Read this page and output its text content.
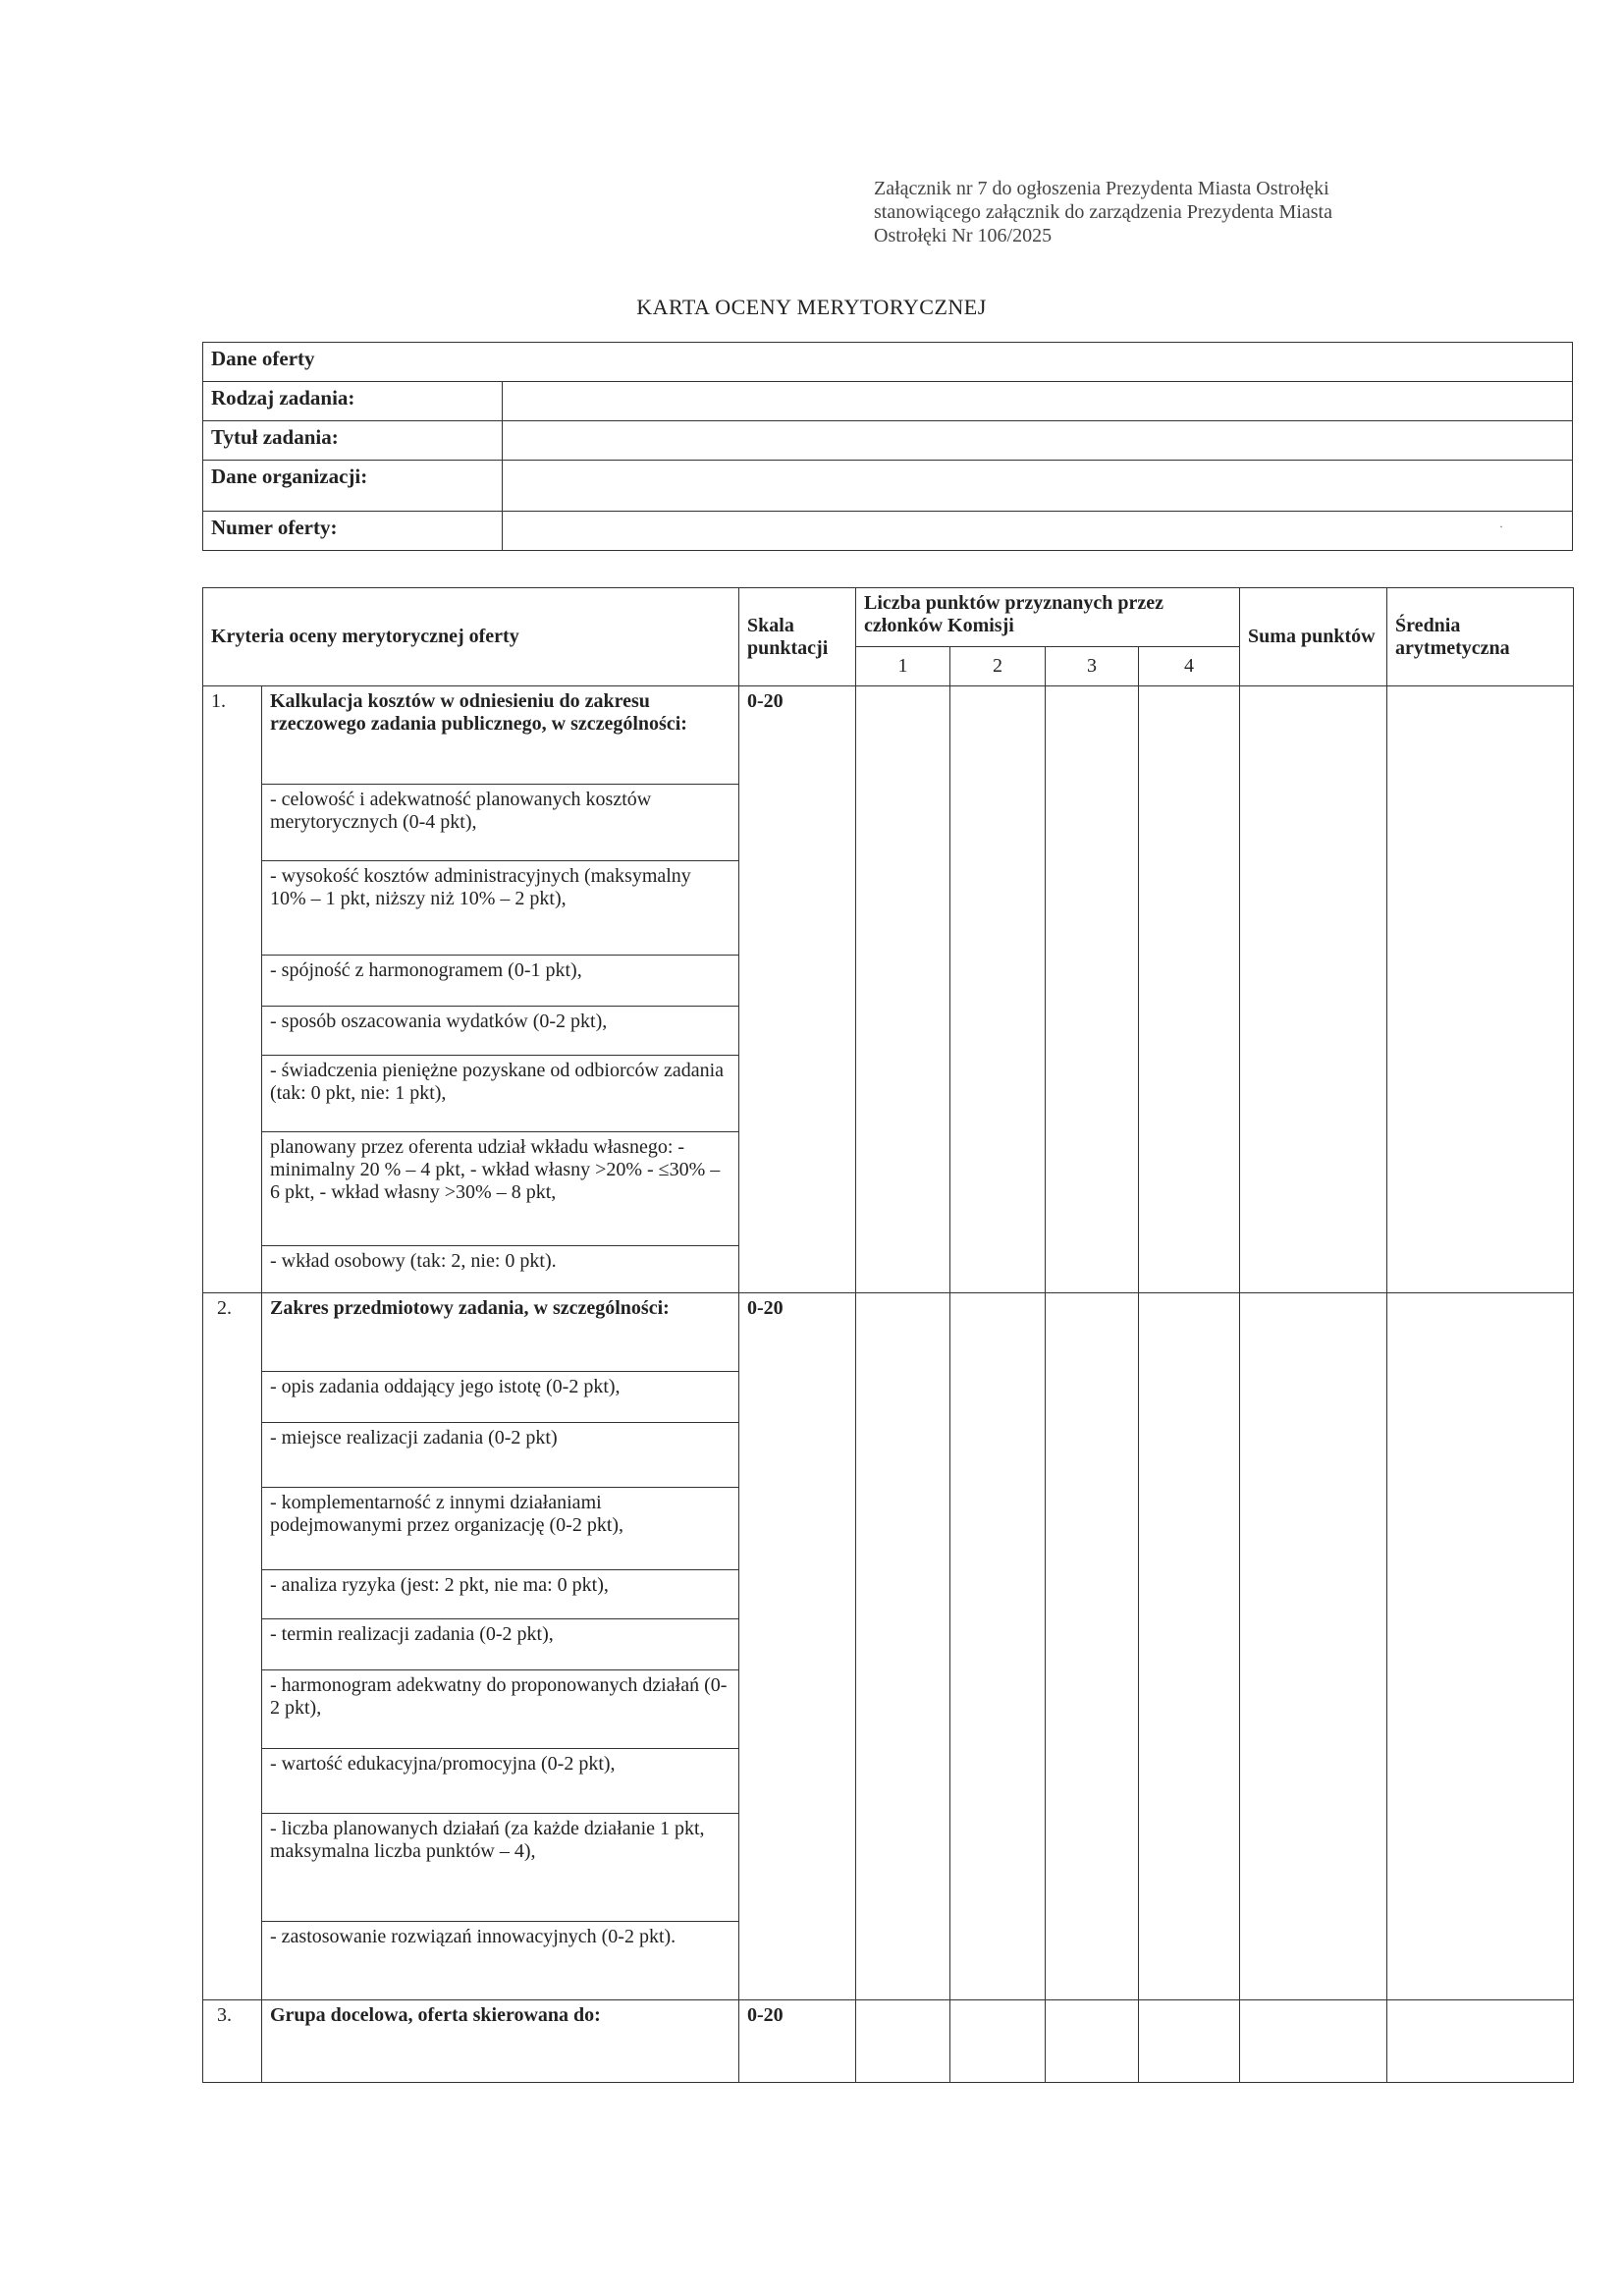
Załącznik nr 7 do ogłoszenia Prezydenta Miasta Ostrołęki
stanowiącego załącznik do zarządzenia Prezydenta Miasta
Ostrołęki Nr 106/2025
KARTA OCENY MERYTORYCZNEJ
Dane oferty	
Rodzaj zadania:	
Tytuł zadania:	
Dane organizacji:	
Numer oferty:	·
Kryteria oceny merytorycznej oferty		Skala punktacji	Liczba punktów przyznanych przez członków Komisji				Suma punktów	Średnia arytmetyczna
			1	2	3	4		
1.	Kalkulacja kosztów w odniesieniu do zakresu rzeczowego zadania publicznego, w szczególności:	0-20						
	- celowość i adekwatność planowanych kosztów merytorycznych (0-4 pkt),							
	- wysokość kosztów administracyjnych (maksymalny 10% – 1 pkt, niższy niż 10% – 2 pkt),							
	- spójność z harmonogramem (0-1 pkt),							
	- sposób oszacowania wydatków (0-2 pkt),							
	- świadczenia pieniężne pozyskane od odbiorców zadania (tak: 0 pkt, nie: 1 pkt),							
	planowany przez oferenta udział wkładu własnego: - minimalny 20 % – 4 pkt, - wkład własny >20% - ≤30% – 6 pkt, - wkład własny >30% – 8 pkt,							
	- wkład osobowy (tak: 2, nie: 0 pkt).							
2.	Zakres przedmiotowy zadania, w szczególności:	0-20						
	- opis zadania oddający jego istotę (0-2 pkt),							
	- miejsce realizacji zadania (0-2 pkt)							
	- komplementarność z innymi działaniami podejmowanymi przez organizację (0-2 pkt),							
	- analiza ryzyka (jest: 2 pkt, nie ma: 0 pkt),							
	- termin realizacji zadania (0-2 pkt),							
	- harmonogram adekwatny do proponowanych działań (0-2 pkt),							
	- wartość edukacyjna/promocyjna (0-2 pkt),							
	- liczba planowanych działań (za każde działanie 1 pkt, maksymalna liczba punktów – 4),							
	- zastosowanie rozwiązań innowacyjnych (0-2 pkt).							
3.	Grupa docelowa, oferta skierowana do:	0-20						
